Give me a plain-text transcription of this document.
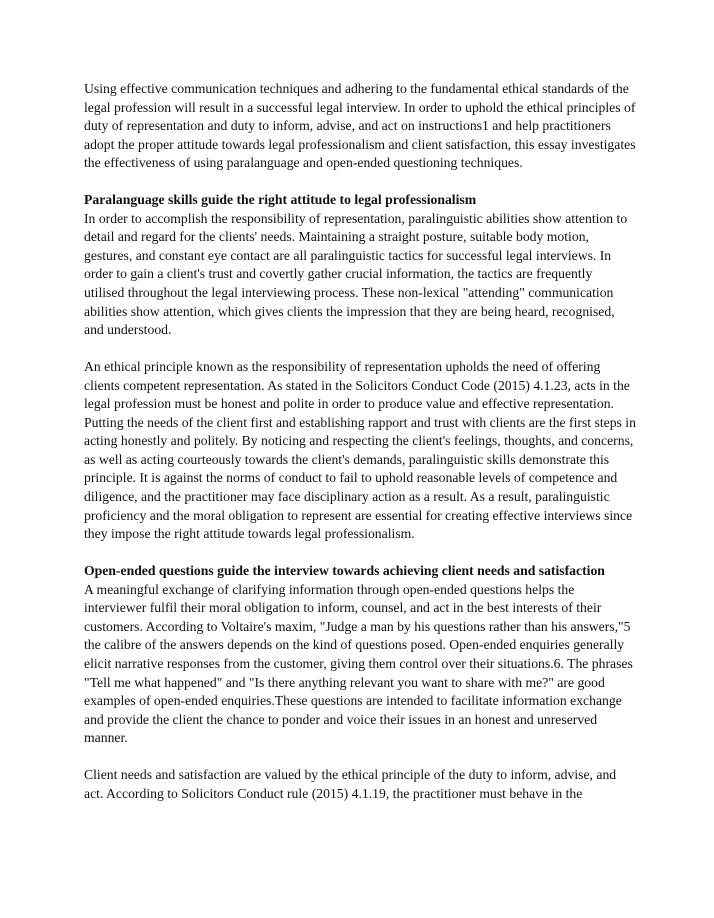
Using effective communication techniques and adhering to the fundamental ethical standards of the legal profession will result in a successful legal interview. In order to uphold the ethical principles of duty of representation and duty to inform, advise, and act on instructions1 and help practitioners adopt the proper attitude towards legal professionalism and client satisfaction, this essay investigates the effectiveness of using paralanguage and open-ended questioning techniques.

Paralanguage skills guide the right attitude to legal professionalism

In order to accomplish the responsibility of representation, paralinguistic abilities show attention to detail and regard for the clients' needs. Maintaining a straight posture, suitable body motion, gestures, and constant eye contact are all paralinguistic tactics for successful legal interviews. In order to gain a client's trust and covertly gather crucial information, the tactics are frequently utilised throughout the legal interviewing process. These non-lexical "attending" communication abilities show attention, which gives clients the impression that they are being heard, recognised, and understood.

An ethical principle known as the responsibility of representation upholds the need of offering clients competent representation. As stated in the Solicitors Conduct Code (2015) 4.1.23, acts in the legal profession must be honest and polite in order to produce value and effective representation. Putting the needs of the client first and establishing rapport and trust with clients are the first steps in acting honestly and politely. By noticing and respecting the client's feelings, thoughts, and concerns, as well as acting courteously towards the client's demands, paralinguistic skills demonstrate this principle. It is against the norms of conduct to fail to uphold reasonable levels of competence and diligence, and the practitioner may face disciplinary action as a result. As a result, paralinguistic proficiency and the moral obligation to represent are essential for creating effective interviews since they impose the right attitude towards legal professionalism.

Open-ended questions guide the interview towards achieving client needs and satisfaction

A meaningful exchange of clarifying information through open-ended questions helps the interviewer fulfil their moral obligation to inform, counsel, and act in the best interests of their customers. According to Voltaire's maxim, "Judge a man by his questions rather than his answers,"5 the calibre of the answers depends on the kind of questions posed. Open-ended enquiries generally elicit narrative responses from the customer, giving them control over their situations.6. The phrases "Tell me what happened" and "Is there anything relevant you want to share with me?" are good examples of open-ended enquiries.These questions are intended to facilitate information exchange and provide the client the chance to ponder and voice their issues in an honest and unreserved manner.

Client needs and satisfaction are valued by the ethical principle of the duty to inform, advise, and act. According to Solicitors Conduct rule (2015) 4.1.19, the practitioner must behave in the
